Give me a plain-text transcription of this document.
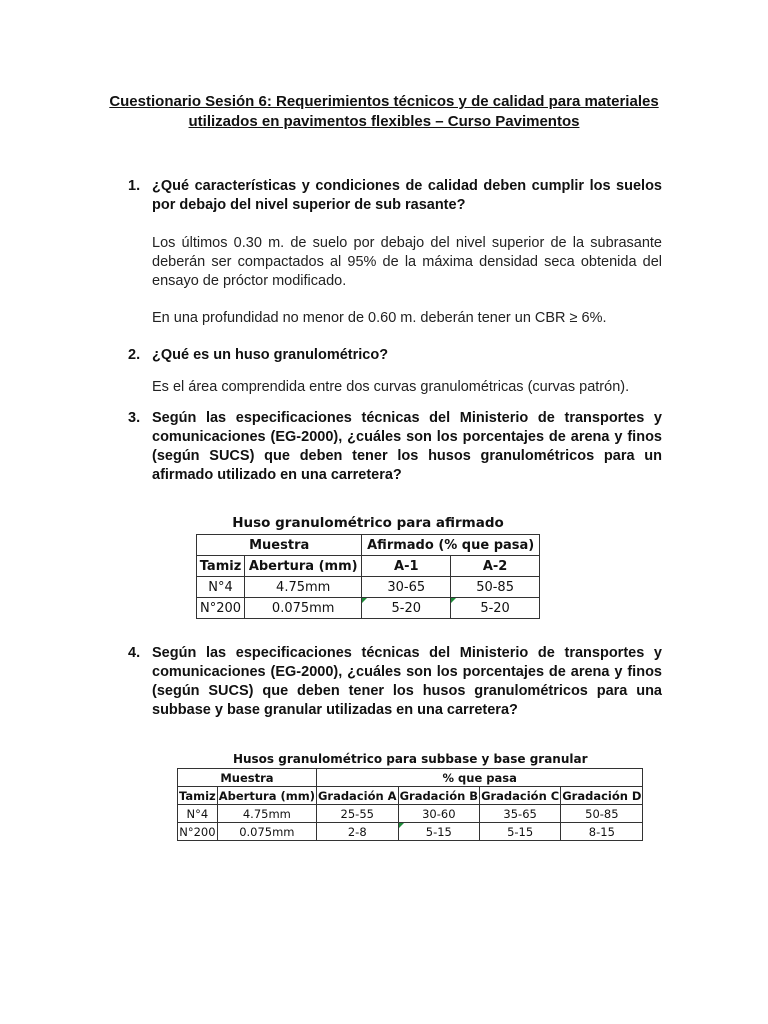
Cuestionario Sesión 6: Requerimientos técnicos y de calidad para materiales
utilizados en pavimentos flexibles – Curso Pavimentos
1. ¿Qué características y condiciones de calidad deben cumplir los suelos por debajo del nivel superior de sub rasante?
Los últimos 0.30 m. de suelo por debajo del nivel superior de la subrasante deberán ser compactados al 95% de la máxima densidad seca obtenida del ensayo de próctor modificado.
En una profundidad no menor de 0.60 m. deberán tener un CBR ≥ 6%.
2. ¿Qué es un huso granulométrico?
Es el área comprendida entre dos curvas granulométricas (curvas patrón).
3. Según las especificaciones técnicas del Ministerio de transportes y comunicaciones (EG-2000), ¿cuáles son los porcentajes de arena y finos (según SUCS) que deben tener los husos granulométricos para un afirmado utilizado en una carretera?
Huso granulométrico para afirmado			
Muestra		Afirmado (% que pasa)	
Tamiz	Abertura (mm)	A-1	A-2
N°4	4.75mm	30-65	50-85
N°200	0.075mm	5-20	5-20
4. Según las especificaciones técnicas del Ministerio de transportes y comunicaciones (EG-2000), ¿cuáles son los porcentajes de arena y finos (según SUCS) que deben tener los husos granulométricos para una subbase y base granular utilizadas en una carretera?
Husos granulométrico para subbase y base granular					
Muestra		% que pasa			
Tamiz	Abertura (mm)	Gradación A	Gradación B	Gradación C	Gradación D
N°4	4.75mm	25-55	30-60	35-65	50-85
N°200	0.075mm	2-8	5-15	5-15	8-15
